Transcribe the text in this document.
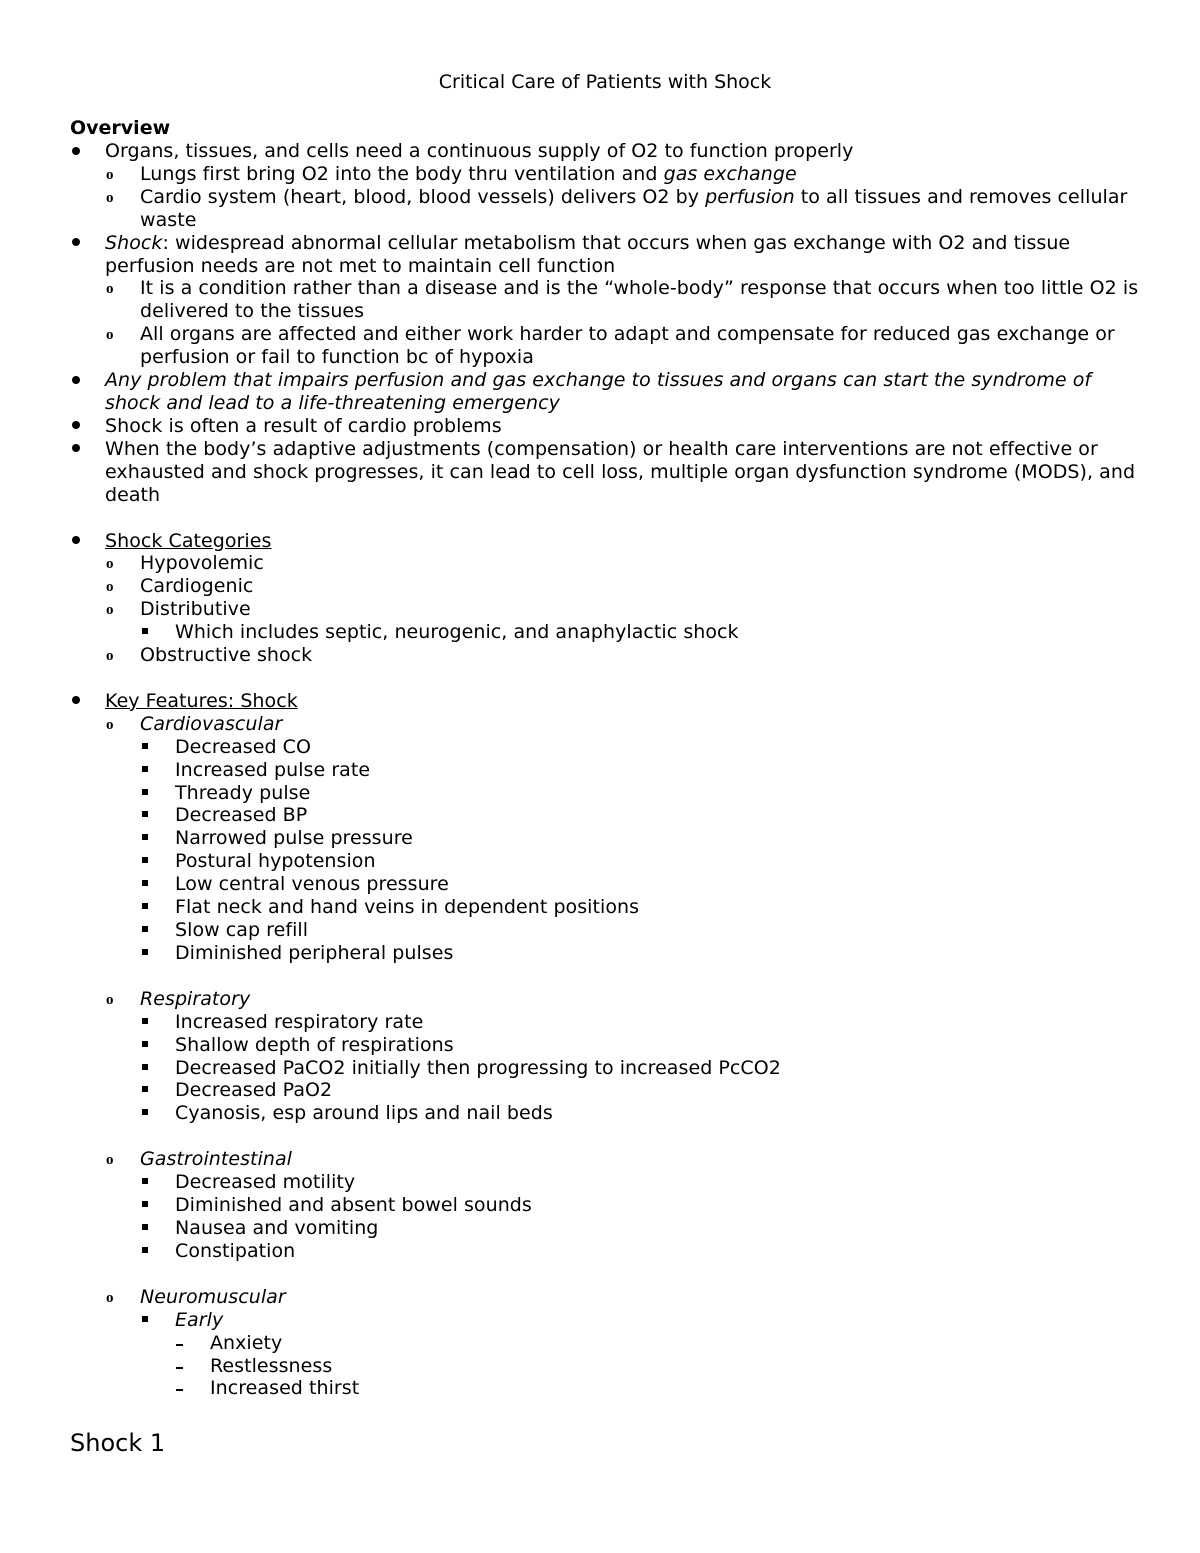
Critical Care of Patients with Shock
Overview
Organs, tissues, and cells need a continuous supply of O2 to function properly
o Lungs first bring O2 into the body thru ventilation and gas exchange
o Cardio system (heart, blood, blood vessels) delivers O2 by perfusion to all tissues and removes cellular waste
Shock: widespread abnormal cellular metabolism that occurs when gas exchange with O2 and tissue perfusion needs are not met to maintain cell function
o It is a condition rather than a disease and is the “whole-body” response that occurs when too little O2 is delivered to the tissues
o All organs are affected and either work harder to adapt and compensate for reduced gas exchange or perfusion or fail to function bc of hypoxia
Any problem that impairs perfusion and gas exchange to tissues and organs can start the syndrome of shock and lead to a life-threatening emergency
Shock is often a result of cardio problems
When the body’s adaptive adjustments (compensation) or health care interventions are not effective or exhausted and shock progresses, it can lead to cell loss, multiple organ dysfunction syndrome (MODS), and death
Shock Categories
o Hypovolemic
o Cardiogenic
o Distributive
Which includes septic, neurogenic, and anaphylactic shock
o Obstructive shock
Key Features: Shock
o Cardiovascular
Decreased CO
Increased pulse rate
Thready pulse
Decreased BP
Narrowed pulse pressure
Postural hypotension
Low central venous pressure
Flat neck and hand veins in dependent positions
Slow cap refill
Diminished peripheral pulses
o Respiratory
Increased respiratory rate
Shallow depth of respirations
Decreased PaCO2 initially then progressing to increased PcCO2
Decreased PaO2
Cyanosis, esp around lips and nail beds
o Gastrointestinal
Decreased motility
Diminished and absent bowel sounds
Nausea and vomiting
Constipation
o Neuromuscular
Early
Anxiety
Restlessness
Increased thirst
Shock 1
